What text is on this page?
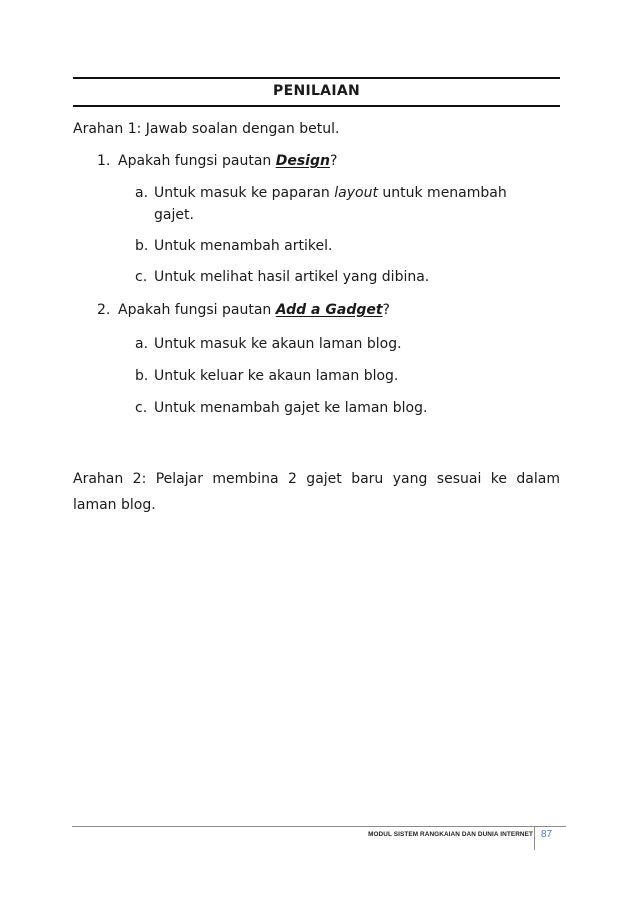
PENILAIAN
Arahan 1: Jawab soalan dengan betul.
1. Apakah fungsi pautan Design?
a. Untuk masuk ke paparan layout untuk menambah
gajet.
b. Untuk menambah artikel.
c. Untuk melihat hasil artikel yang dibina.
2. Apakah fungsi pautan Add a Gadget?
a. Untuk masuk ke akaun laman blog.
b. Untuk keluar ke akaun laman blog.
c. Untuk menambah gajet ke laman blog.
Arahan 2: Pelajar membina 2 gajet baru yang sesuai ke dalam
laman blog.
MODUL SISTEM RANGKAIAN DAN DUNIA INTERNET 87
